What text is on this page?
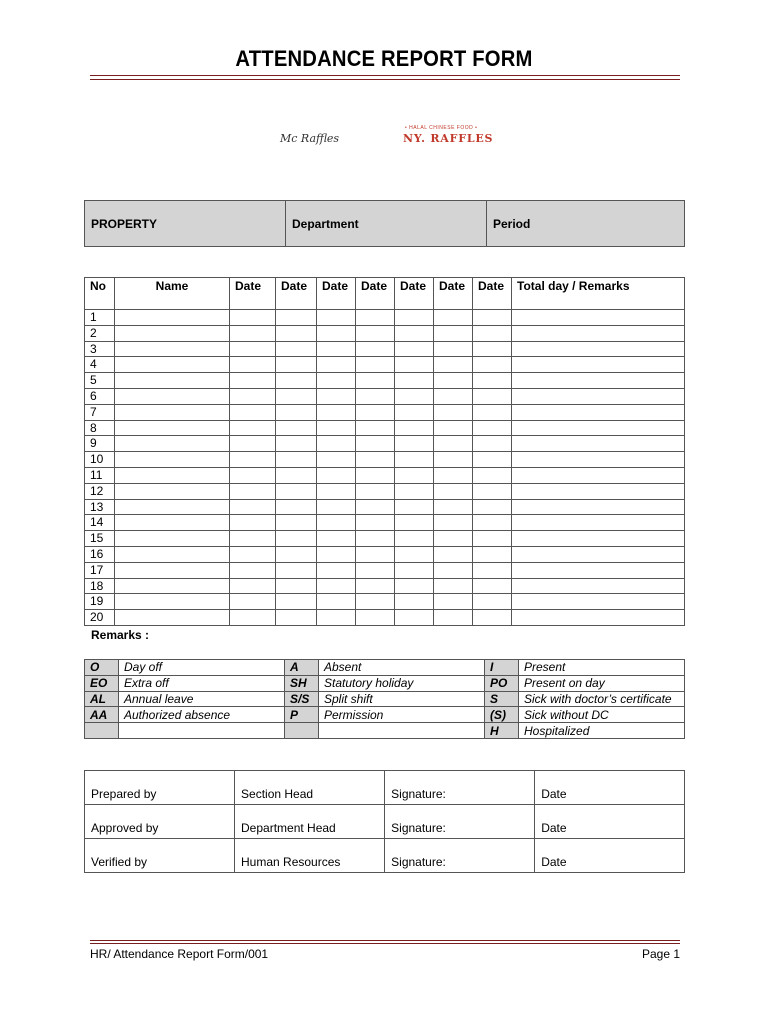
ATTENDANCE REPORT FORM
Mc Raffles
• HALAL CHINESE FOOD •
NY. RAFFLES
PROPERTY	Department	Period
No	Name	Date	Date	Date	Date	Date	Date	Date	Total day / Remarks
1									
2									
3									
4									
5									
6									
7									
8									
9									
10									
11									
12									
13									
14									
15									
16									
17									
18									
19									
20									
Remarks :
O	Day off	A	Absent	I	Present
EO	Extra off	SH	Statutory holiday	PO	Present on day
AL	Annual leave	S/S	Split shift	S	Sick with doctor’s certificate
AA	Authorized absence	P	Permission	(S)	Sick without DC
				H	Hospitalized
Prepared by	Section Head	Signature:	Date
Approved by	Department Head	Signature:	Date
Verified by	Human Resources	Signature:	Date
HR/ Attendance Report Form/001	Page 1
